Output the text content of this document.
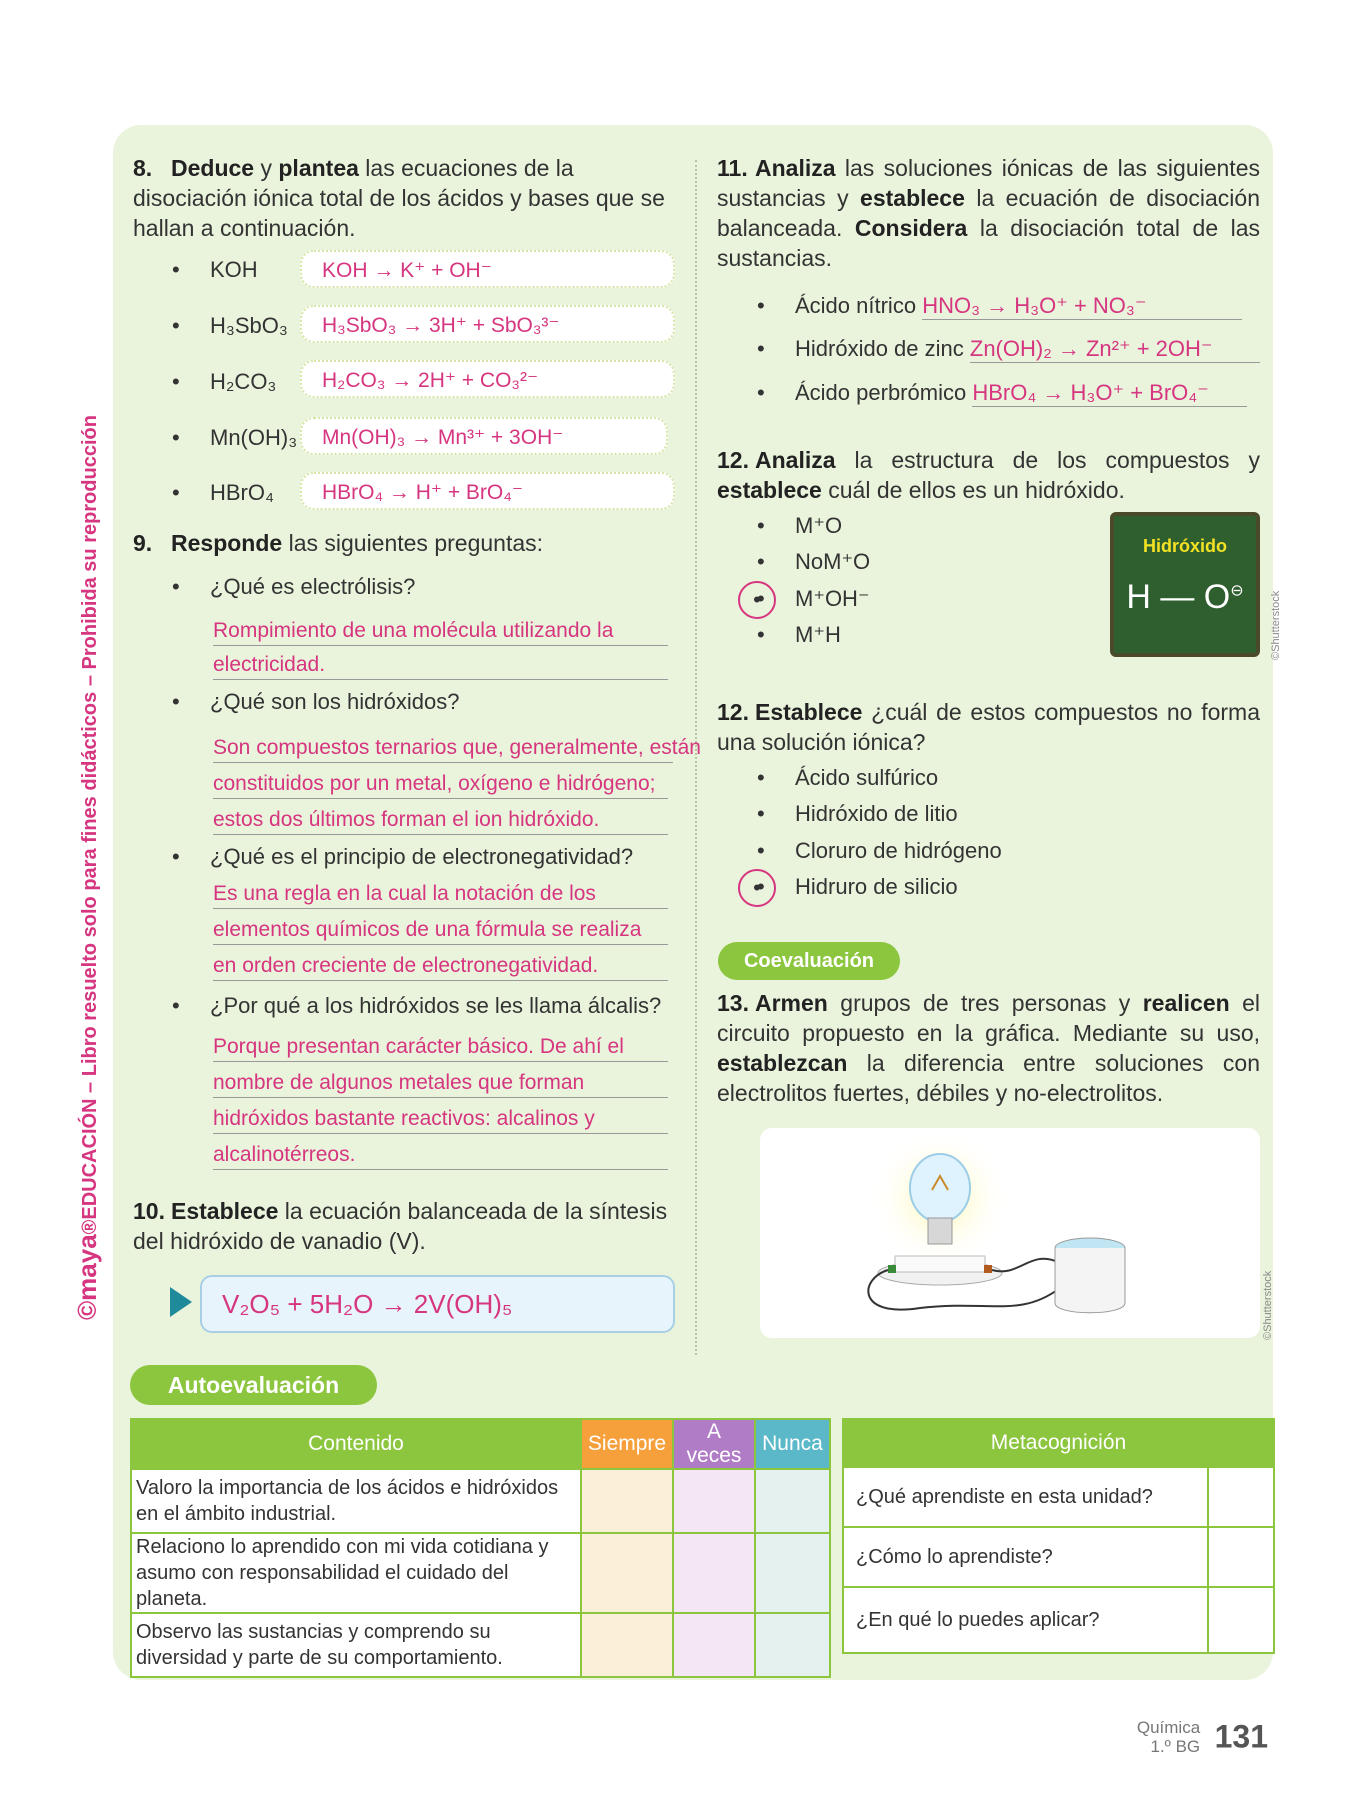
©maya®EDUCACIÓN – Libro resuelto solo para fines didácticos – Prohibida su reproducción
8. Deduce y plantea las ecuaciones de la disociación iónica total de los ácidos y bases que se hallan a continuación.
• KOH	KOH → K⁺ + OH⁻
• H₃SbO₃	H₃SbO₃ → 3H⁺ + SbO₃³⁻
• H₂CO₃	H₂CO₃ → 2H⁺ + CO₃²⁻
• Mn(OH)₃	Mn(OH)₃ → Mn³⁺ + 3OH⁻
• HBrO₄	HBrO₄ → H⁺ + BrO₄⁻
9. Responde las siguientes preguntas:
• ¿Qué es electrólisis?
Rompimiento de una molécula utilizando la
electricidad.
• ¿Qué son los hidróxidos?
Son compuestos ternarios que, generalmente, están
constituidos por un metal, oxígeno e hidrógeno;
estos dos últimos forman el ion hidróxido.
• ¿Qué es el principio de electronegatividad?
Es una regla en la cual la notación de los
elementos químicos de una fórmula se realiza
en orden creciente de electronegatividad.
• ¿Por qué a los hidróxidos se les llama álcalis?
Porque presentan carácter básico. De ahí el
nombre de algunos metales que forman
hidróxidos bastante reactivos: alcalinos y
alcalinotérreos.
10. Establece la ecuación balanceada de la síntesis del hidróxido de vanadio (V).
V₂O₅ + 5H₂O → 2V(OH)₅
11. Analiza las soluciones iónicas de las siguientes sustancias y establece la ecuación de disociación balanceada. Considera la disociación total de las sustancias.
• Ácido nítrico HNO₃ → H₃O⁺ + NO₃⁻
• Hidróxido de zinc Zn(OH)₂ → Zn²⁺ + 2OH⁻
• Ácido perbrómico HBrO₄ → H₃O⁺ + BrO₄⁻
12. Analiza la estructura de los compuestos y establece cuál de ellos es un hidróxido.
• M⁺O
• NoM⁺O
•	• M⁺OH⁻
• M⁺H
Hidróxido
H — O⊖	©Shutterstock
12. Establece ¿cuál de estos compuestos no forma una solución iónica?
• Ácido sulfúrico
• Hidróxido de litio
• Cloruro de hidrógeno
•	• Hidruro de silicio
Coevaluación
13. Armen grupos de tres personas y realicen el circuito propuesto en la gráfica. Mediante su uso, establezcan la diferencia entre soluciones con electrolitos fuertes, débiles y no-electrolitos.
©Shutterstock
Autoevaluación
Contenido	Siempre	A veces	Nunca
Valoro la importancia de los ácidos e hidróxidos en el ámbito industrial.			
Relaciono lo aprendido con mi vida cotidiana y asumo con responsabilidad el cuidado del planeta.			
Observo las sustancias y comprendo su diversidad y parte de su comportamiento.			
Metacognición	
¿Qué aprendiste en esta unidad?	
¿Cómo lo aprendiste?	
¿En qué lo puedes aplicar?	
Química
1.º BG 131
